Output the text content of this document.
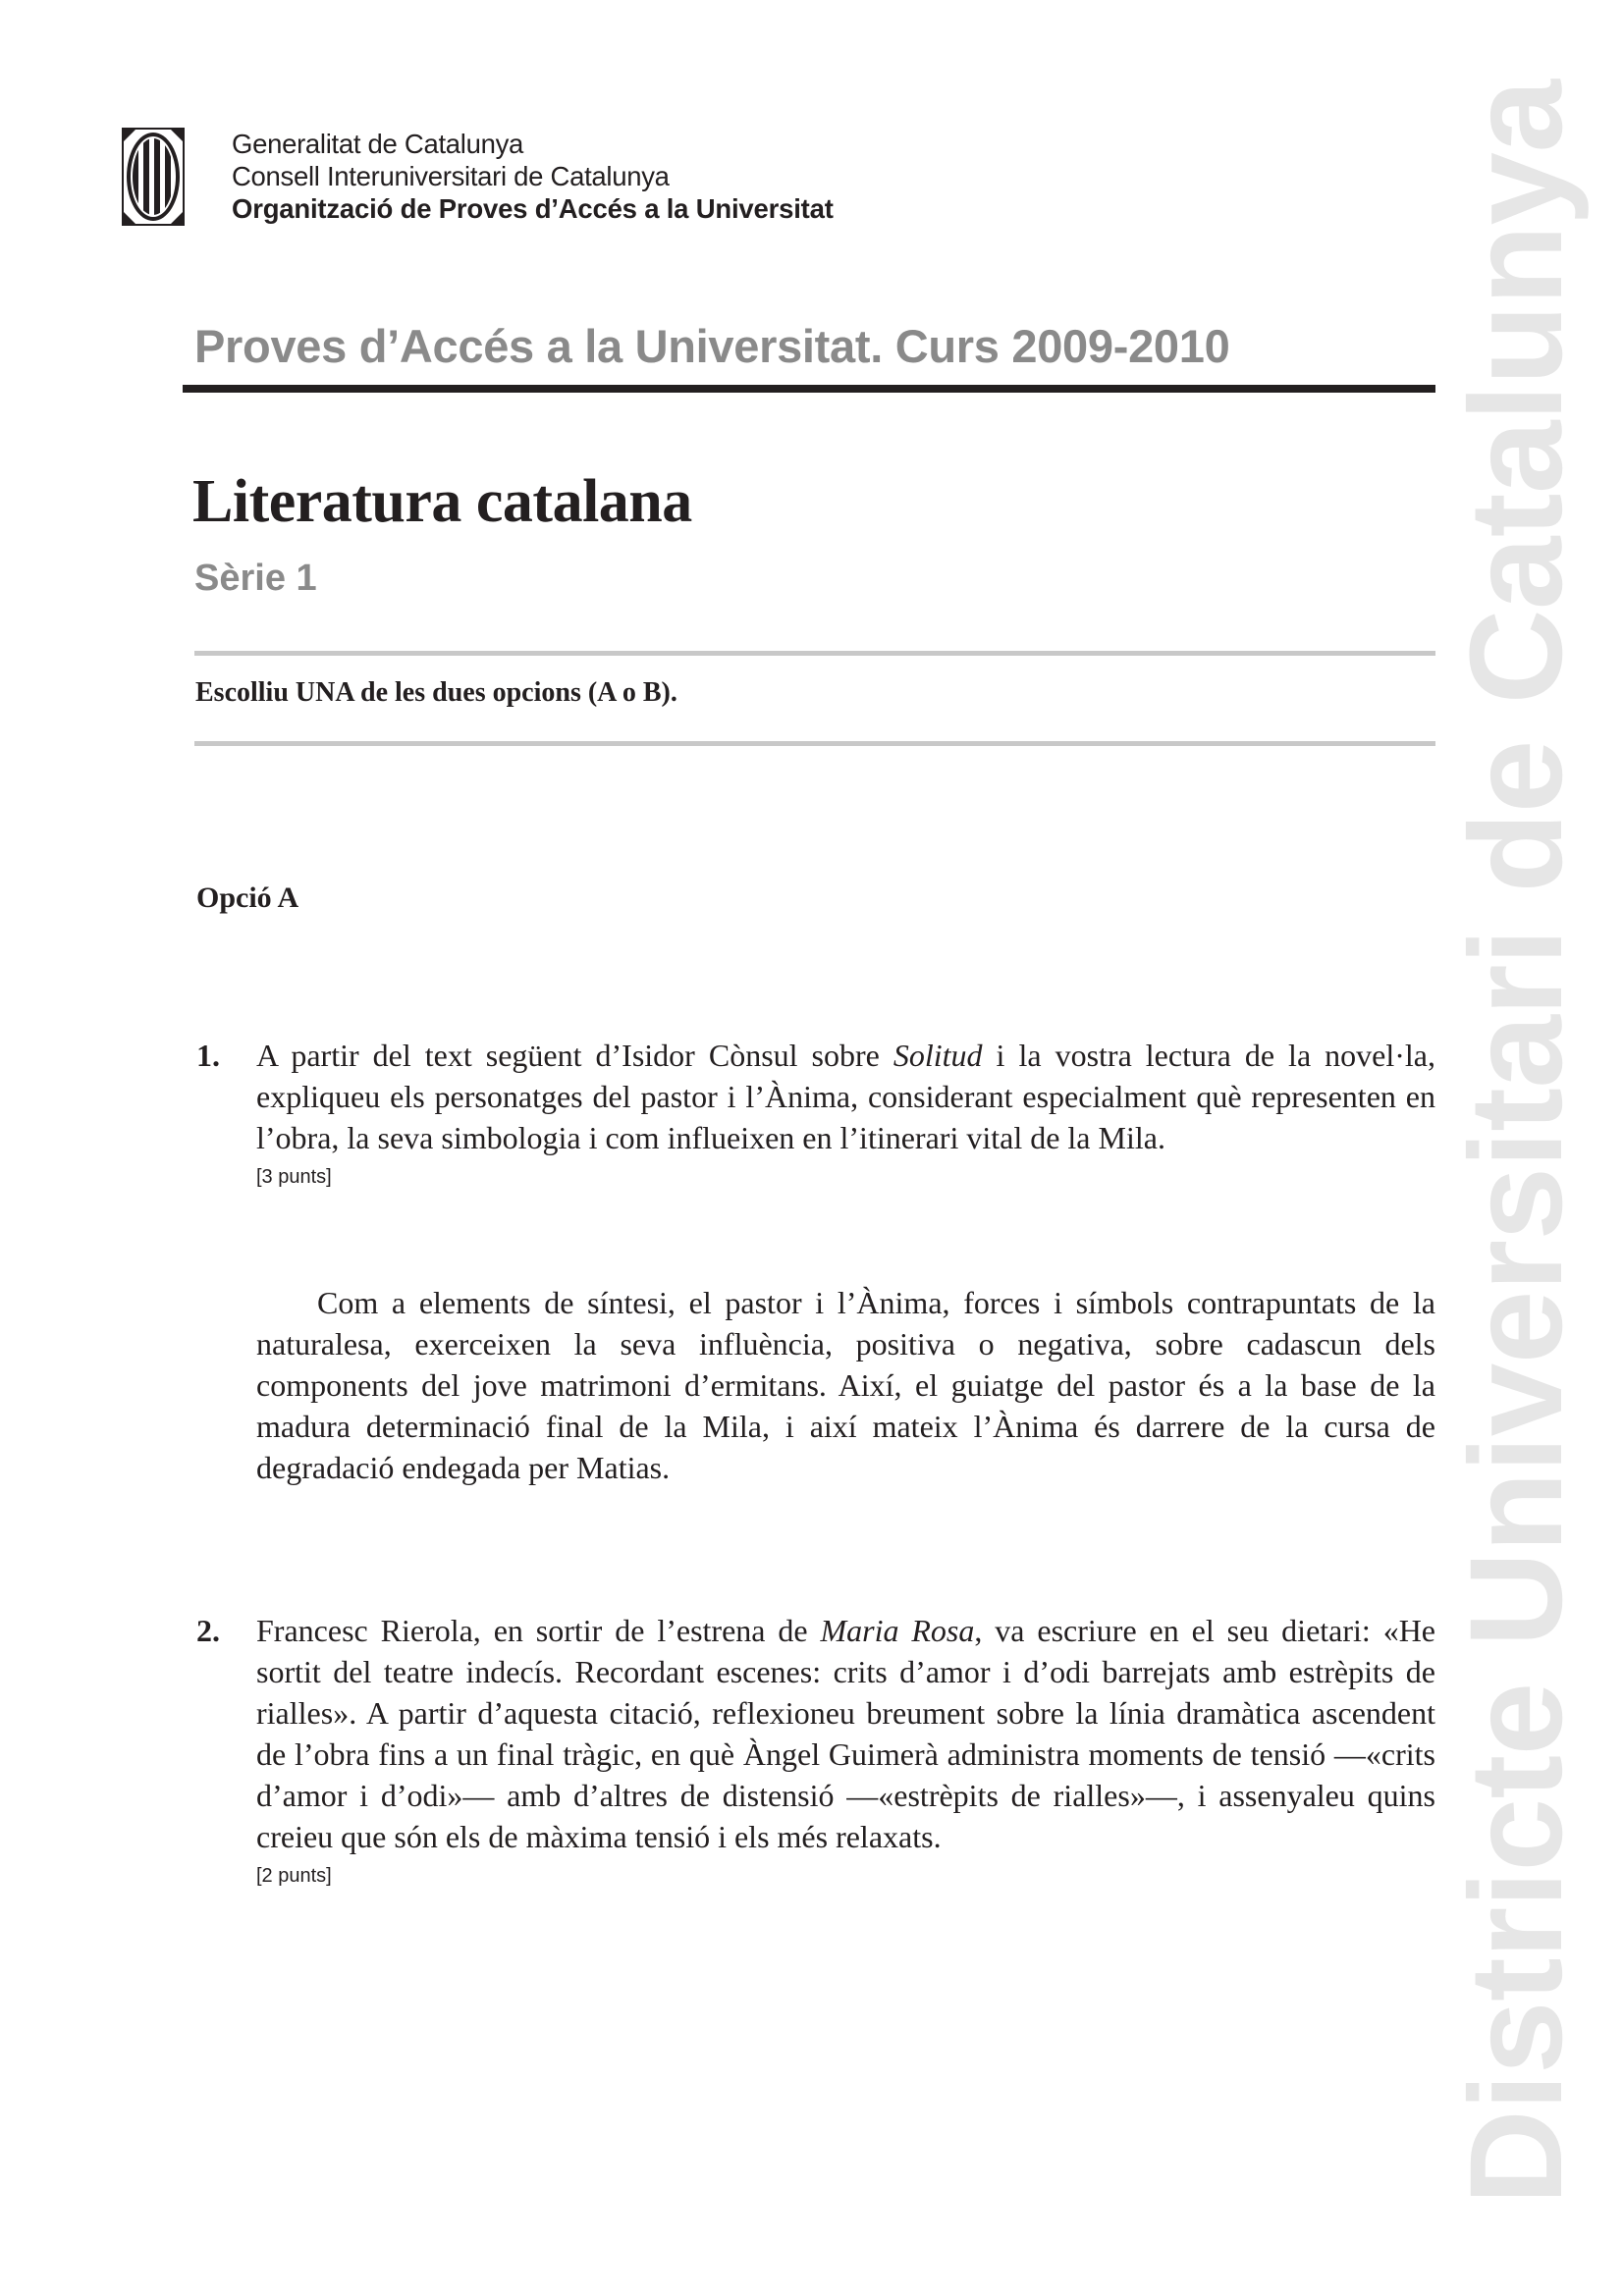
Generalitat de Catalunya
Consell Interuniversitari de Catalunya
Organització de Proves d’Accés a la Universitat
Proves d’Accés a la Universitat. Curs 2009-2010
Literatura catalana
Sèrie 1
Escolliu UNA de les dues opcions (A o B).
Opció A
1. A partir del text següent d’Isidor Cònsul sobre Solitud i la vostra lectura de la novel·la, expliqueu els personatges del pastor i l’Ànima, considerant especialment què representen en l’obra, la seva simbologia i com influeixen en l’itinerari vital de la Mila.
[3 punts]
Com a elements de síntesi, el pastor i l’Ànima, forces i símbols contrapuntats de la naturalesa, exerceixen la seva influència, positiva o negativa, sobre cadascun dels components del jove matrimoni d’ermitans. Així, el guiatge del pastor és a la base de la madura determinació final de la Mila, i així mateix l’Ànima és darrere de la cursa de degradació endegada per Matias.
2. Francesc Rierola, en sortir de l’estrena de Maria Rosa, va escriure en el seu dietari: «He sortit del teatre indecís. Recordant escenes: crits d’amor i d’odi barrejats amb estrèpits de rialles». A partir d’aquesta citació, reflexioneu breument sobre la línia dramàtica ascendent de l’obra fins a un final tràgic, en què Àngel Guimerà administra moments de tensió —«crits d’amor i d’odi»— amb d’altres de distensió —«estrèpits de rialles»—, i assenyaleu quins creieu que són els de màxima tensió i els més relaxats.
[2 punts]	Districte Universitari de Catalunya
